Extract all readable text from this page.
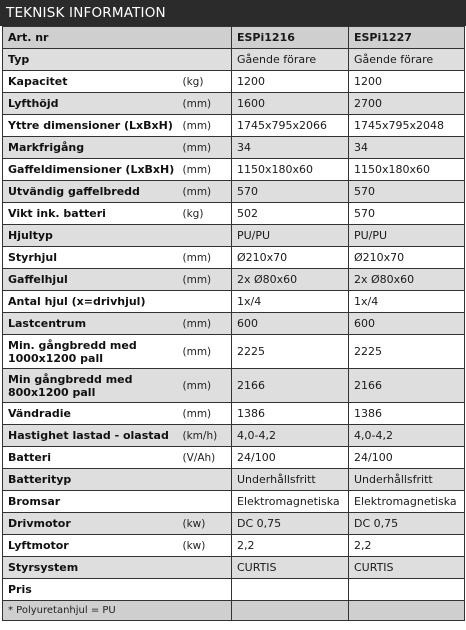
TEKNISK INFORMATION
Art. nr		ESPi1216	ESPi1227
Typ		Gående förare	Gående förare
Kapacitet	(kg)	1200	1200
Lyfthöjd	(mm)	1600	2700
Yttre dimensioner (LxBxH)	(mm)	1745x795x2066	1745x795x2048
Markfrigång	(mm)	34	34
Gaffeldimensioner (LxBxH)	(mm)	1150x180x60	1150x180x60
Utvändig gaffelbredd	(mm)	570	570
Vikt ink. batteri	(kg)	502	570
Hjultyp		PU/PU	PU/PU
Styrhjul	(mm)	Ø210x70	Ø210x70
Gaffelhjul	(mm)	2x Ø80x60	2x Ø80x60
Antal hjul (x=drivhjul)		1x/4	1x/4
Lastcentrum	(mm)	600	600
Min. gångbredd med 1000x1200 pall	(mm)	2225	2225
Min gångbredd med 800x1200 pall	(mm)	2166	2166
Vändradie	(mm)	1386	1386
Hastighet lastad - olastad	(km/h)	4,0-4,2	4,0-4,2
Batteri	(V/Ah)	24/100	24/100
Batterityp		Underhållsfritt	Underhållsfritt
Bromsar		Elektromagnetiska	Elektromagnetiska
Drivmotor	(kw)	DC 0,75	DC 0,75
Lyftmotor	(kw)	2,2	2,2
Styrsystem		CURTIS	CURTIS
Pris			
* Polyuretanhjul = PU			
